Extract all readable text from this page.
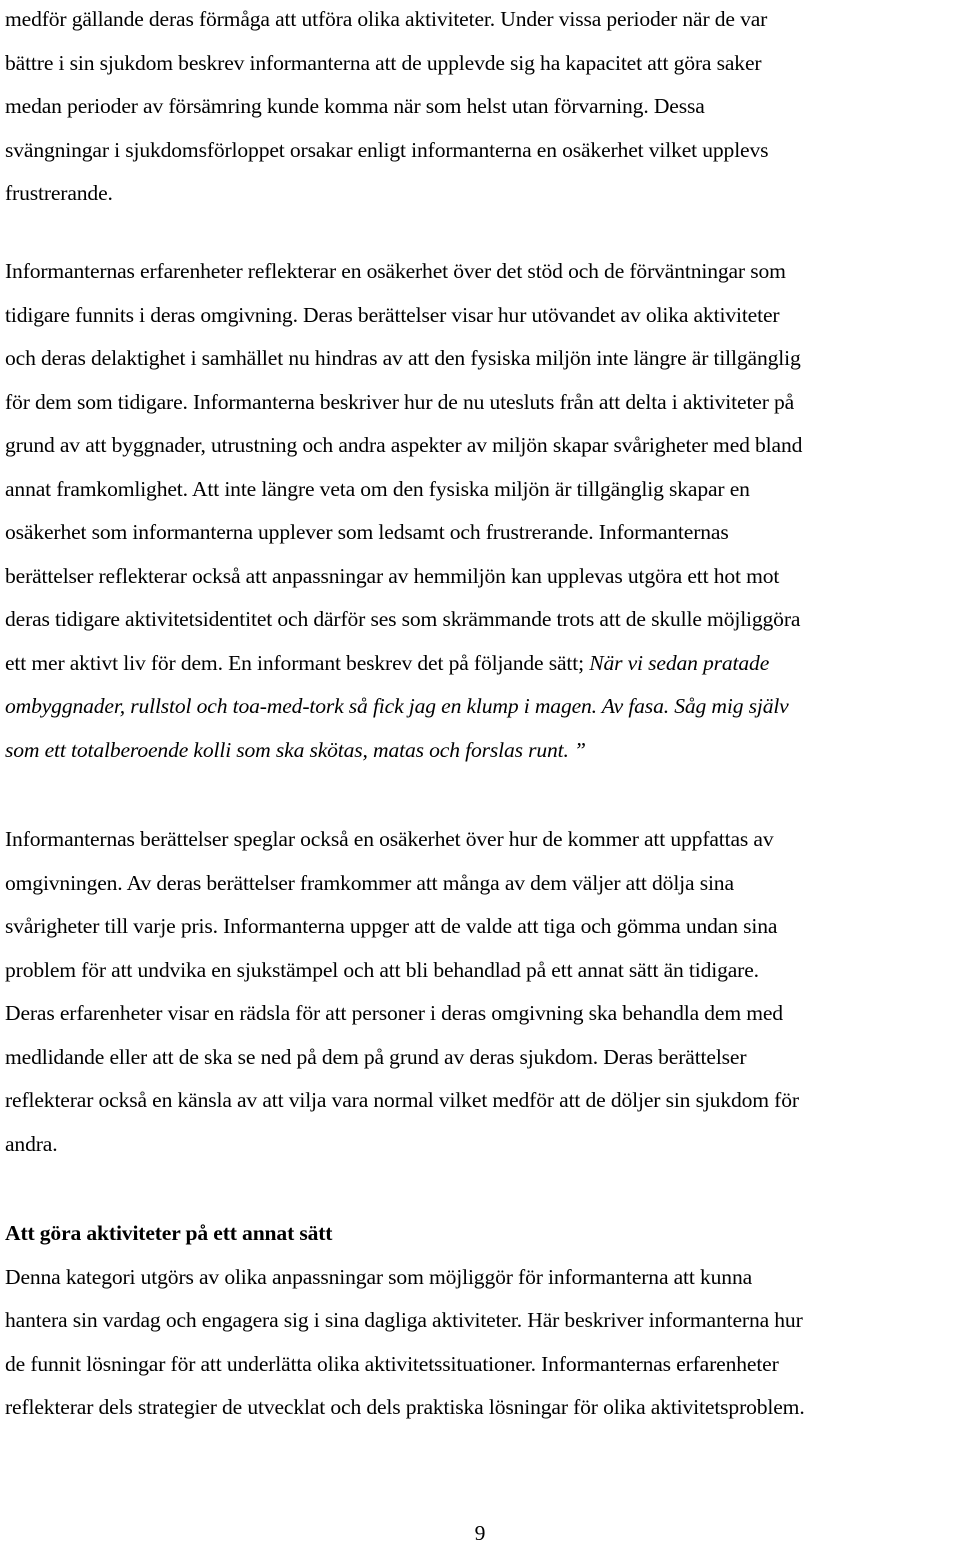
medför gällande deras förmåga att utföra olika aktiviteter. Under vissa perioder när de var
bättre i sin sjukdom beskrev informanterna att de upplevde sig ha kapacitet att göra saker
medan perioder av försämring kunde komma när som helst utan förvarning. Dessa
svängningar i sjukdomsförloppet orsakar enligt informanterna en osäkerhet vilket upplevs
frustrerande.
Informanternas erfarenheter reflekterar en osäkerhet över det stöd och de förväntningar som
tidigare funnits i deras omgivning. Deras berättelser visar hur utövandet av olika aktiviteter
och deras delaktighet i samhället nu hindras av att den fysiska miljön inte längre är tillgänglig
för dem som tidigare. Informanterna beskriver hur de nu utesluts från att delta i aktiviteter på
grund av att byggnader, utrustning och andra aspekter av miljön skapar svårigheter med bland
annat framkomlighet. Att inte längre veta om den fysiska miljön är tillgänglig skapar en
osäkerhet som informanterna upplever som ledsamt och frustrerande. Informanternas
berättelser reflekterar också att anpassningar av hemmiljön kan upplevas utgöra ett hot mot
deras tidigare aktivitetsidentitet och därför ses som skrämmande trots att de skulle möjliggöra
ett mer aktivt liv för dem. En informant beskrev det på följande sätt; När vi sedan pratade
ombyggnader, rullstol och toa-med-tork så fick jag en klump i magen. Av fasa. Såg mig själv
som ett totalberoende kolli som ska skötas, matas och forslas runt. ”
Informanternas berättelser speglar också en osäkerhet över hur de kommer att uppfattas av
omgivningen. Av deras berättelser framkommer att många av dem väljer att dölja sina
svårigheter till varje pris. Informanterna uppger att de valde att tiga och gömma undan sina
problem för att undvika en sjukstämpel och att bli behandlad på ett annat sätt än tidigare.
Deras erfarenheter visar en rädsla för att personer i deras omgivning ska behandla dem med
medlidande eller att de ska se ned på dem på grund av deras sjukdom. Deras berättelser
reflekterar också en känsla av att vilja vara normal vilket medför att de döljer sin sjukdom för
andra.
Att göra aktiviteter på ett annat sätt
Denna kategori utgörs av olika anpassningar som möjliggör för informanterna att kunna
hantera sin vardag och engagera sig i sina dagliga aktiviteter. Här beskriver informanterna hur
de funnit lösningar för att underlätta olika aktivitetssituationer. Informanternas erfarenheter
reflekterar dels strategier de utvecklat och dels praktiska lösningar för olika aktivitetsproblem.
9
